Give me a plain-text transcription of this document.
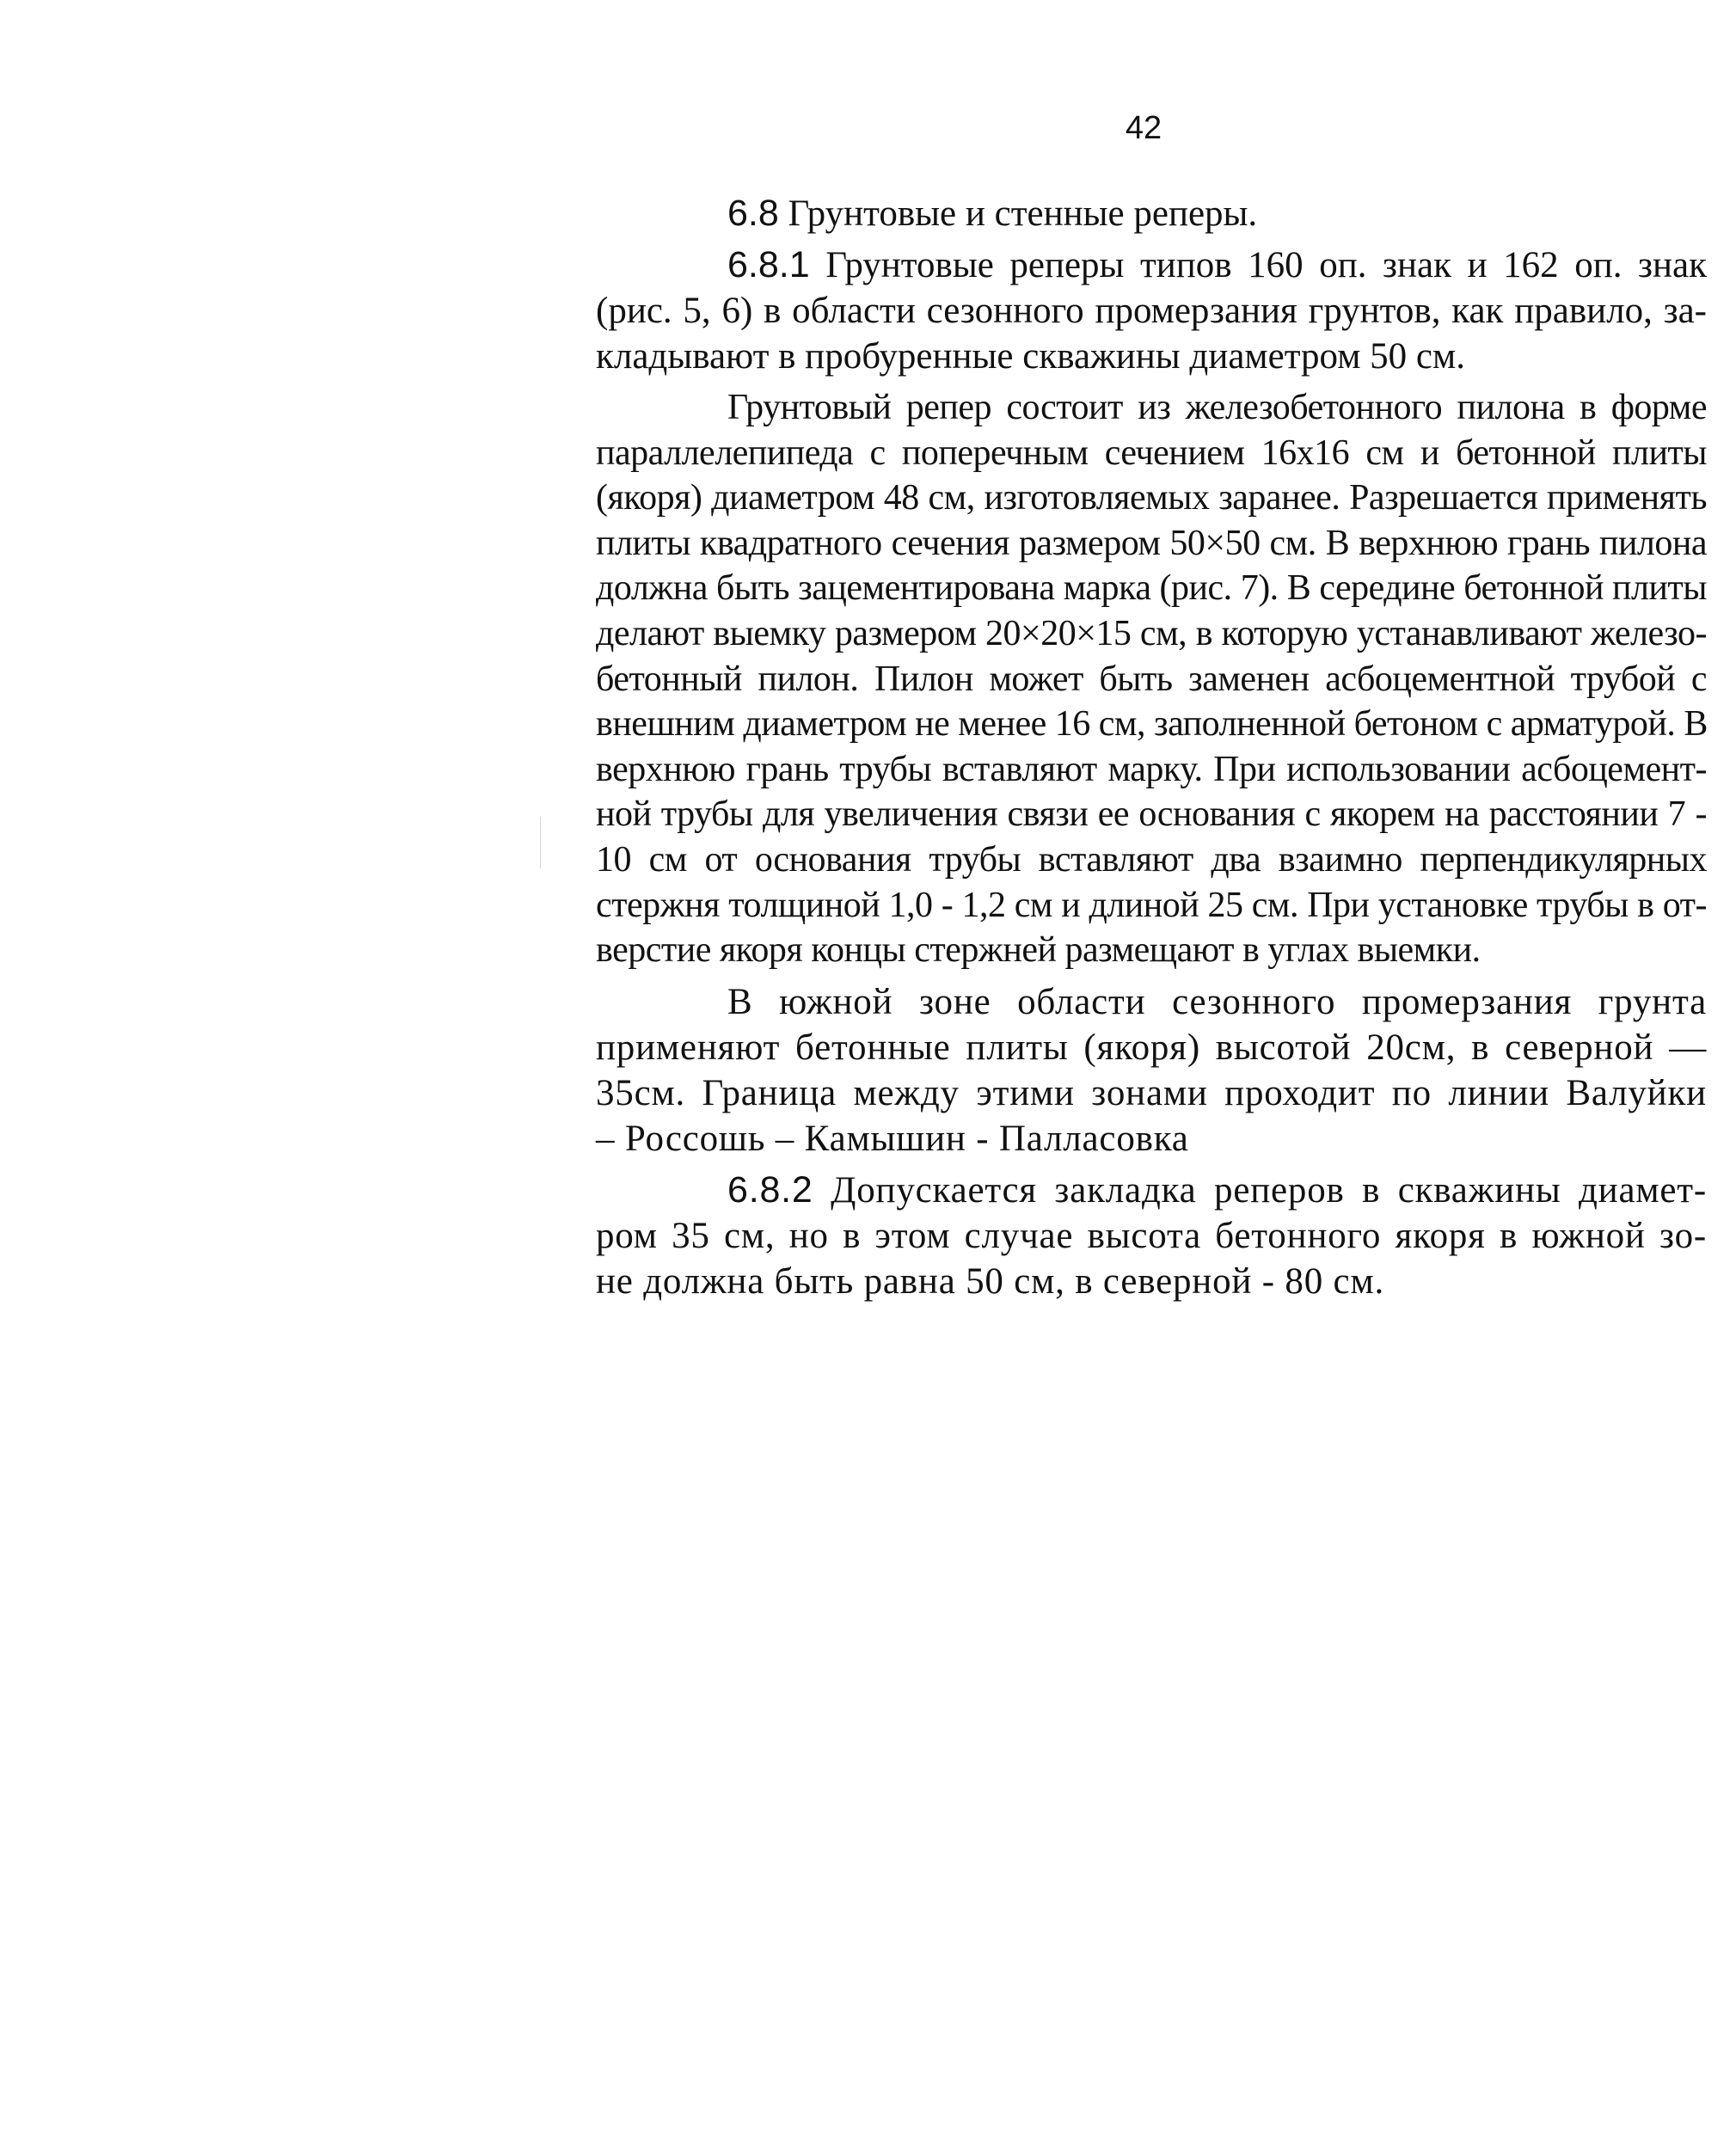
42

6.8 Грунтовые и стенные реперы.

6.8.1 Грунтовые реперы типов 160 оп. знак и 162 оп. знак

(рис. 5, 6) в области сезонного промерзания грунтов, как правило, за-

кладывают в пробуренные скважины диаметром 50 см.

Грунтовый репер состоит из железобетонного пилона в форме

параллелепипеда с поперечным сечением 16х16 см и бетонной плиты

(якоря) диаметром 48 см, изготовляемых заранее. Разрешается применять

плиты квадратного сечения размером 50×50 см. В верхнюю грань пилона

должна быть зацементирована марка (рис. 7). В середине бетонной плиты

делают выемку размером 20×20×15 см, в которую устанавливают железо-

бетонный пилон. Пилон может быть заменен асбоцементной трубой с

внешним диаметром не менее 16 см, заполненной бетоном с арматурой. В

верхнюю грань трубы вставляют марку. При использовании асбоцемент-

ной трубы для увеличения связи ее основания с якорем на расстоянии 7 -

10 см от основания трубы вставляют два взаимно перпендикулярных

стержня толщиной 1,0 - 1,2 см и длиной 25 см. При установке трубы в от-

верстие якоря концы стержней размещают в углах выемки.

В южной зоне области сезонного промерзания грунта

применяют бетонные плиты (якоря) высотой 20см, в северной —

35см. Граница между этими зонами проходит по линии Валуйки

– Россошь – Камышин - Палласовка

6.8.2 Допускается закладка реперов в скважины диамет-

ром 35 см, но в этом случае высота бетонного якоря в южной зо-

не должна быть равна 50 см, в северной - 80 см.
